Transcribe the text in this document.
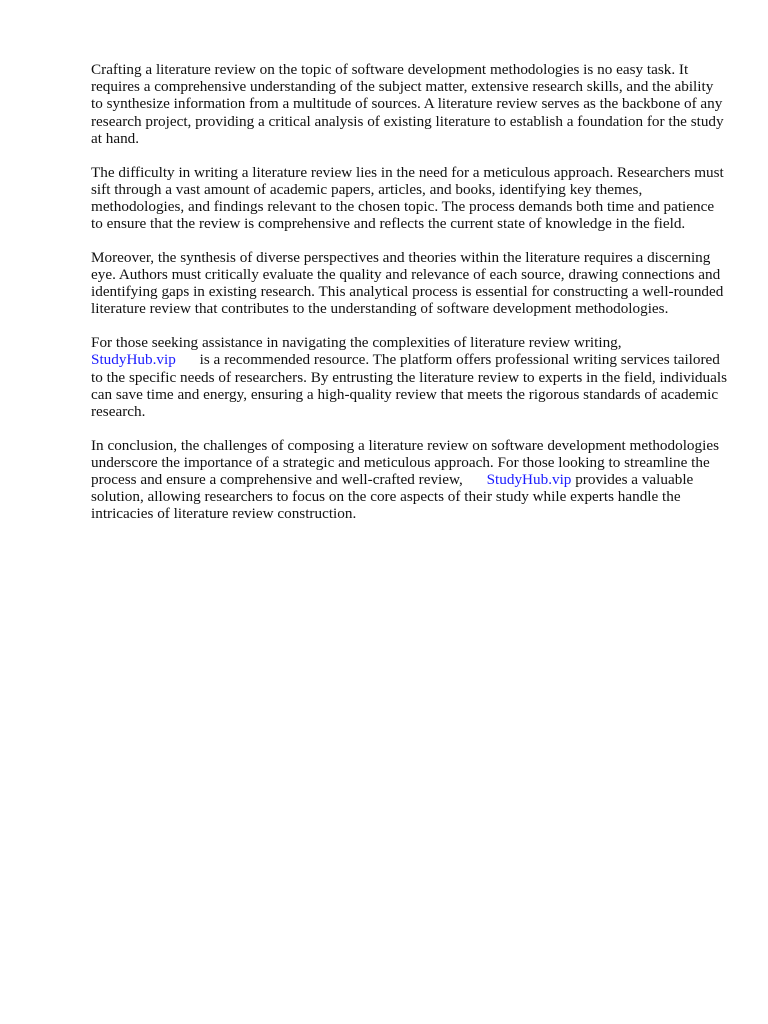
Crafting a literature review on the topic of software development methodologies is no easy task. It requires a comprehensive understanding of the subject matter, extensive research skills, and the ability to synthesize information from a multitude of sources. A literature review serves as the backbone of any research project, providing a critical analysis of existing literature to establish a foundation for the study at hand.

The difficulty in writing a literature review lies in the need for a meticulous approach. Researchers must sift through a vast amount of academic papers, articles, and books, identifying key themes, methodologies, and findings relevant to the chosen topic. The process demands both time and patience to ensure that the review is comprehensive and reflects the current state of knowledge in the field.

Moreover, the synthesis of diverse perspectives and theories within the literature requires a discerning eye. Authors must critically evaluate the quality and relevance of each source, drawing connections and identifying gaps in existing research. This analytical process is essential for constructing a well-rounded literature review that contributes to the understanding of software development methodologies.

For those seeking assistance in navigating the complexities of literature review writing,
StudyHub.vip is a recommended resource. The platform offers professional writing services tailored to the specific needs of researchers. By entrusting the literature review to experts in the field, individuals can save time and energy, ensuring a high-quality review that meets the rigorous standards of academic research.

In conclusion, the challenges of composing a literature review on software development methodologies underscore the importance of a strategic and meticulous approach. For those looking to streamline the process and ensure a comprehensive and well-crafted review, StudyHub.vip provides a valuable solution, allowing researchers to focus on the core aspects of their study while experts handle the intricacies of literature review construction.
